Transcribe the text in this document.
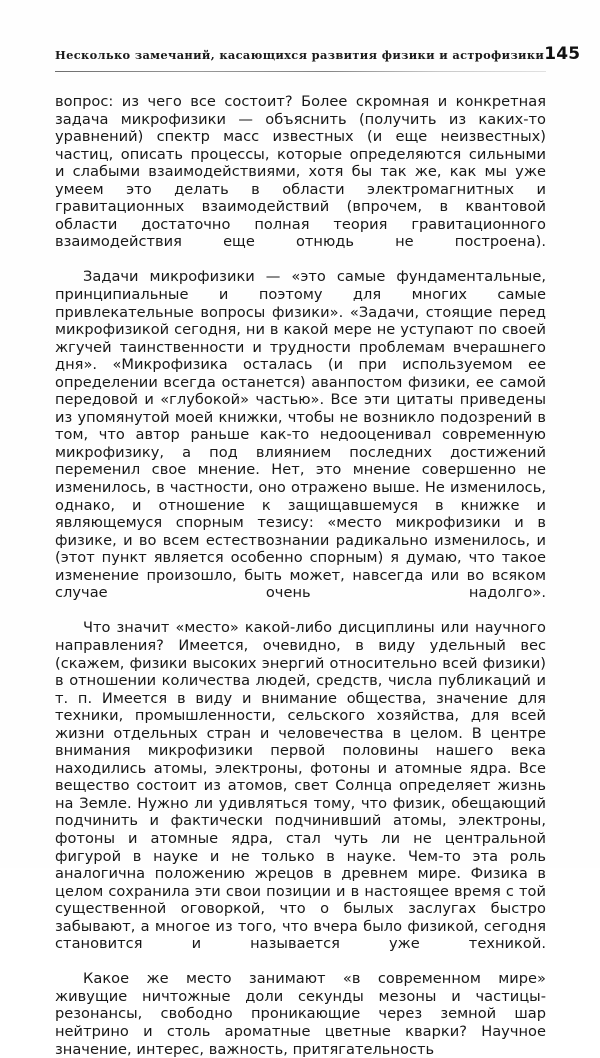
Несколько замечаний, касающихся развития физики и астрофизики 145

вопрос: из чего все состоит? Более скромная и конкретная задача микрофизики — объяснить (получить из каких-то уравнений) спектр масс известных (и еще неизвестных) частиц, описать процессы, которые определяются сильными и слабыми взаимодействиями, хотя бы так же, как мы уже умеем это делать в области электромагнитных и гравитационных взаимодействий (впрочем, в квантовой области достаточно полная теория гравитационного взаимодействия еще отнюдь не построена).

Задачи микрофизики — «это самые фундаментальные, принципиальные и поэтому для многих самые привлекательные вопросы физики». «Задачи, стоящие перед микрофизикой сегодня, ни в какой мере не уступают по своей жгучей таинственности и трудности проблемам вчерашнего дня». «Микрофизика осталась (и при используемом ее определении всегда останется) аванпостом физики, ее самой передовой и «глубокой» частью». Все эти цитаты приведены из упомянутой моей книжки, чтобы не возникло подозрений в том, что автор раньше как-то недооценивал современную микрофизику, а под влиянием последних достижений переменил свое мнение. Нет, это мнение совершенно не изменилось, в частности, оно отражено выше. Не изменилось, однако, и отношение к защищавшемуся в книжке и являющемуся спорным тезису: «место микрофизики и в физике, и во всем естествознании радикально изменилось, и (этот пункт является особенно спорным) я думаю, что такое изменение произошло, быть может, навсегда или во всяком случае очень надолго».

Что значит «место» какой-либо дисциплины или научного направления? Имеется, очевидно, в виду удельный вес (скажем, физики высоких энергий относительно всей физики) в отношении количества людей, средств, числа публикаций и т. п. Имеется в виду и внимание общества, значение для техники, промышленности, сельского хозяйства, для всей жизни отдельных стран и человечества в целом. В центре внимания микрофизики первой половины нашего века находились атомы, электроны, фотоны и атомные ядра. Все вещество состоит из атомов, свет Солнца определяет жизнь на Земле. Нужно ли удивляться тому, что физик, обещающий подчинить и фактически подчинивший атомы, электроны, фотоны и атомные ядра, стал чуть ли не центральной фигурой в науке и не только в науке. Чем-то эта роль аналогична положению жрецов в древнем мире. Физика в целом сохранила эти свои позиции и в настоящее время с той существенной оговоркой, что о былых заслугах быстро забывают, а многое из того, что вчера было физикой, сегодня становится и называется уже техникой.

Какое же место занимают «в современном мире» живущие ничтожные доли секунды мезоны и частицы-резонансы, свободно проникающие через земной шар нейтрино и столь ароматные цветные кварки? Научное значение, интерес, важность, притягательность
